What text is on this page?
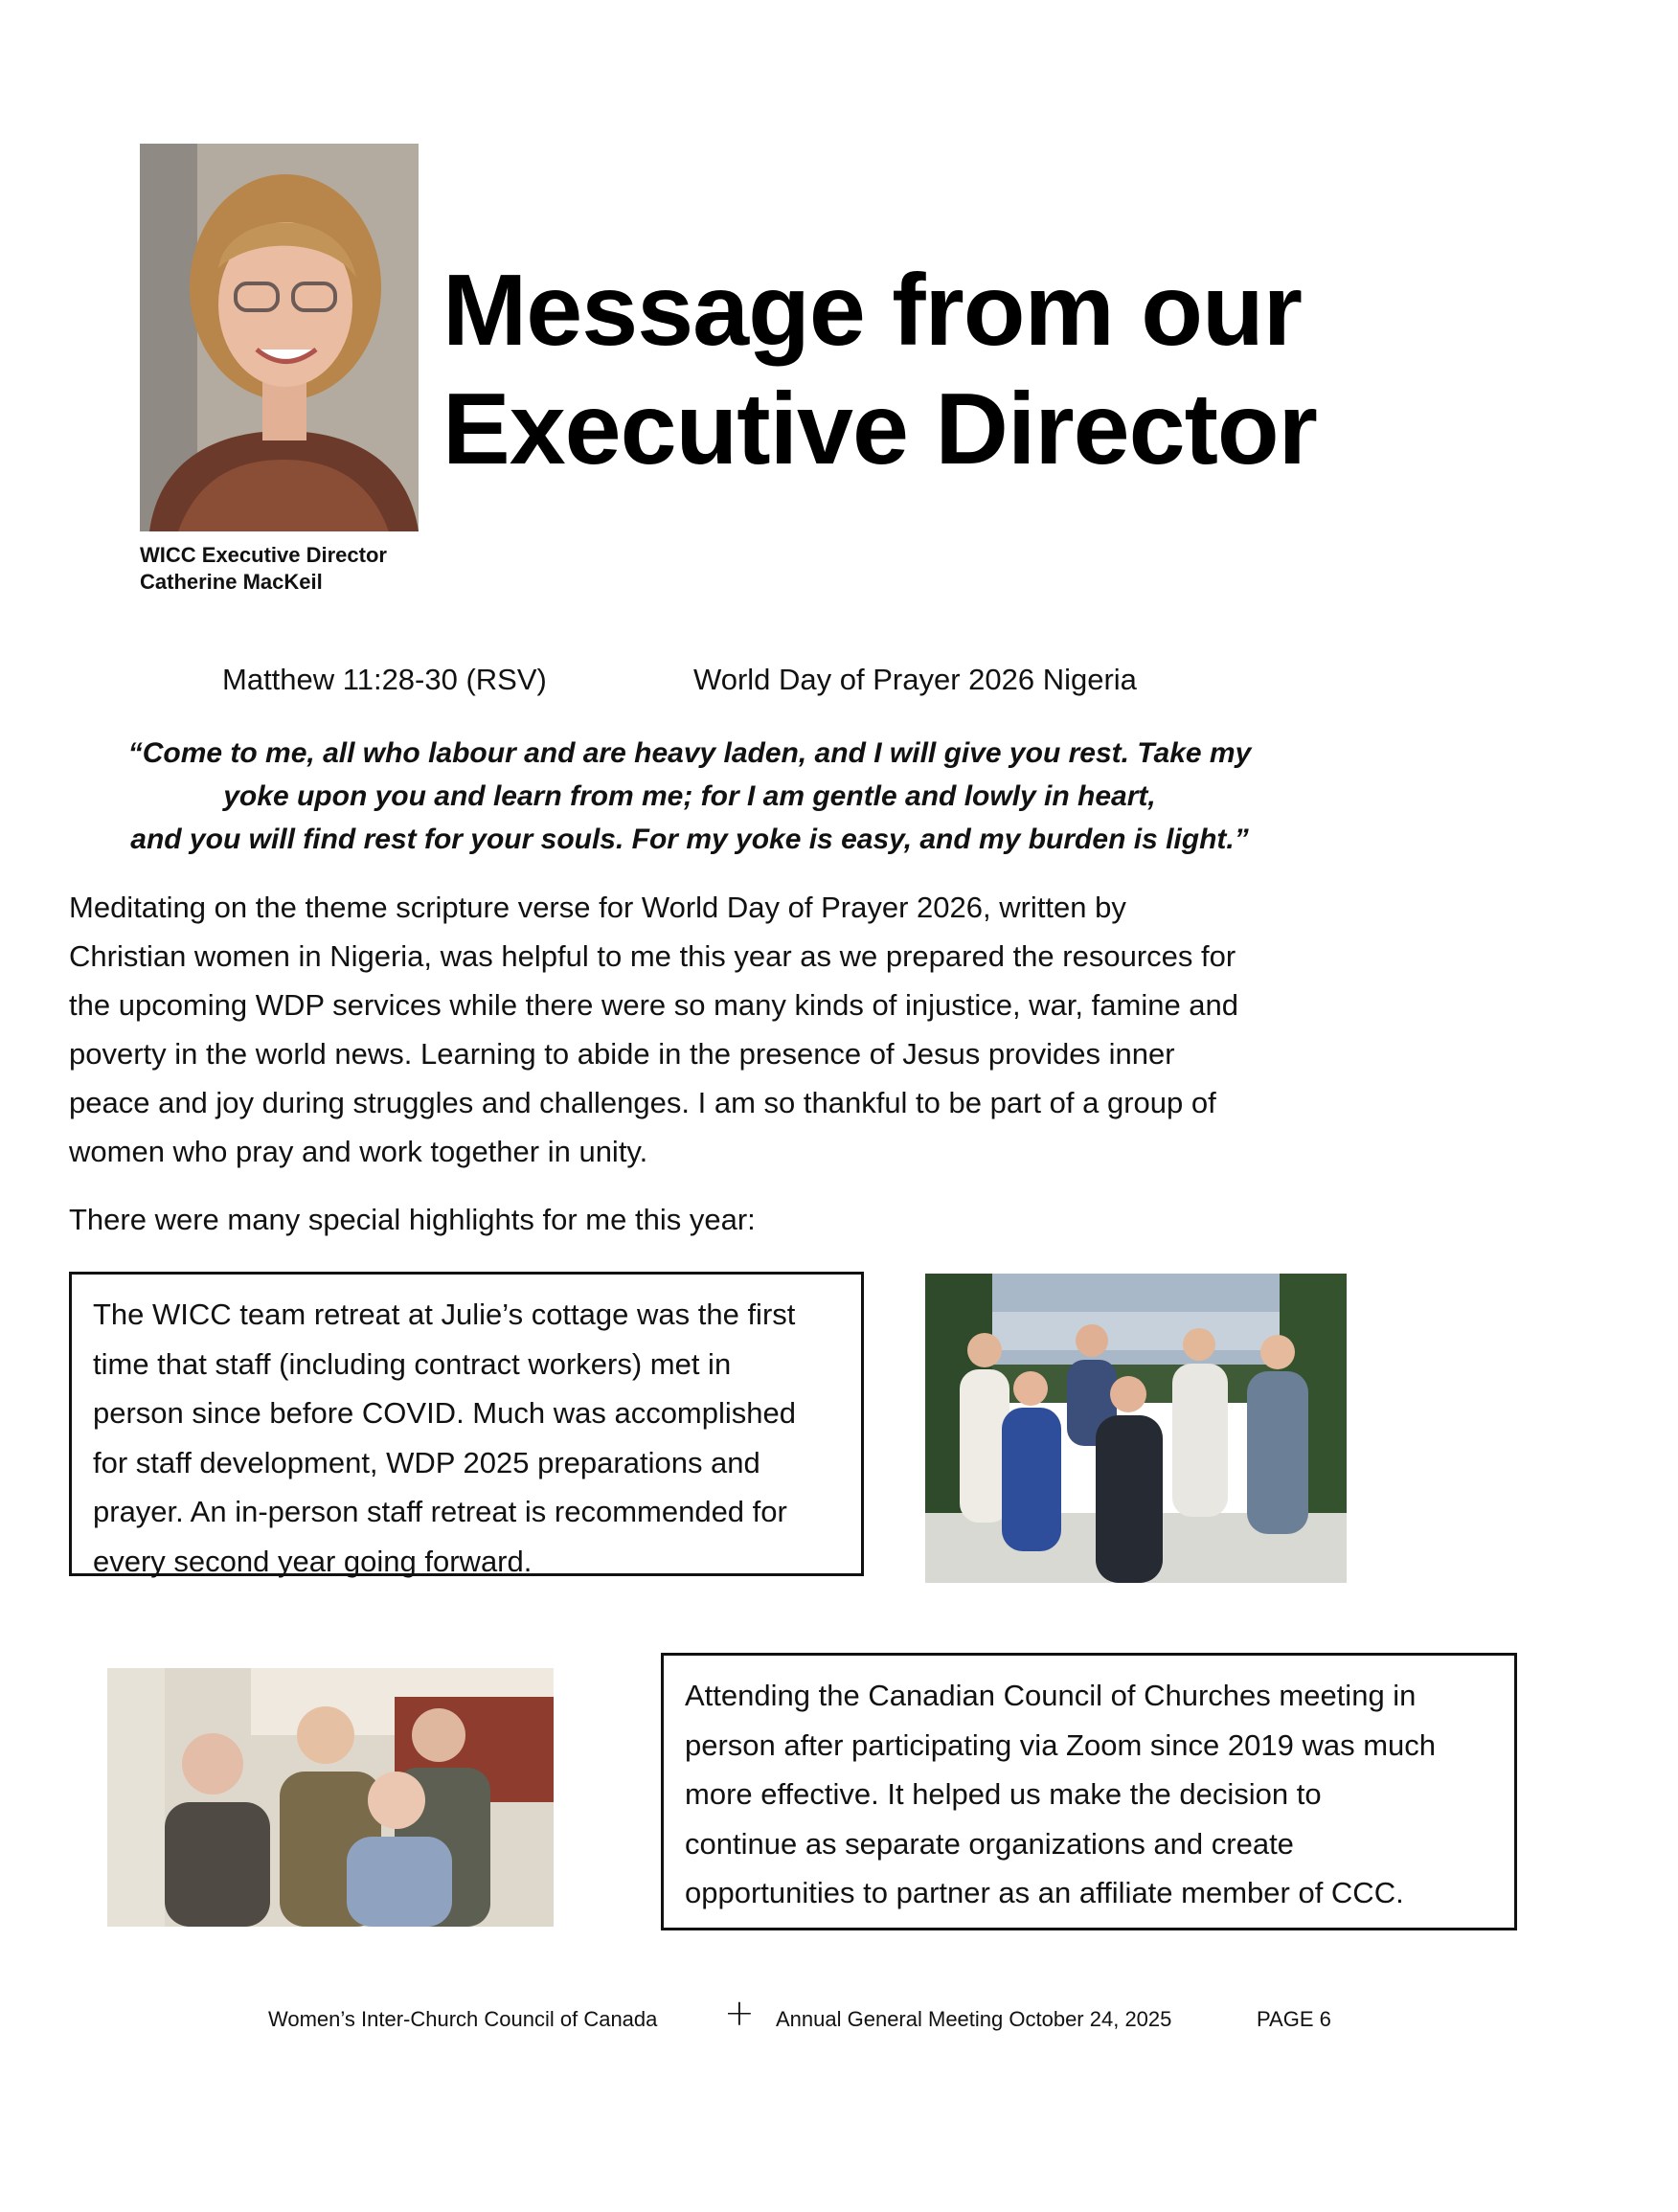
WICC Executive Director
Catherine MacKeil
Message from our
Executive Director
Matthew 11:28-30 (RSV)	World Day of Prayer 2026 Nigeria
“Come to me, all who labour and are heavy laden, and I will give you rest. Take my
yoke upon you and learn from me; for I am gentle and lowly in heart,
and you will find rest for your souls. For my yoke is easy, and my burden is light.”
Meditating on the theme scripture verse for World Day of Prayer 2026, written by
Christian women in Nigeria, was helpful to me this year as we prepared the resources for
the upcoming WDP services while there were so many kinds of injustice, war, famine and
poverty in the world news. Learning to abide in the presence of Jesus provides inner
peace and joy during struggles and challenges. I am so thankful to be part of a group of
women who pray and work together in unity.
There were many special highlights for me this year:
The WICC team retreat at Julie’s cottage was the first
time that staff (including contract workers) met in
person since before COVID. Much was accomplished
for staff development, WDP 2025 preparations and
prayer. An in-person staff retreat is recommended for
every second year going forward.
Attending the Canadian Council of Churches meeting in
person after participating via Zoom since 2019 was much
more effective. It helped us make the decision to
continue as separate organizations and create
opportunities to partner as an affiliate member of CCC.
Women’s Inter-Church Council of Canada + Annual General Meeting October 24, 2025	PAGE 6
